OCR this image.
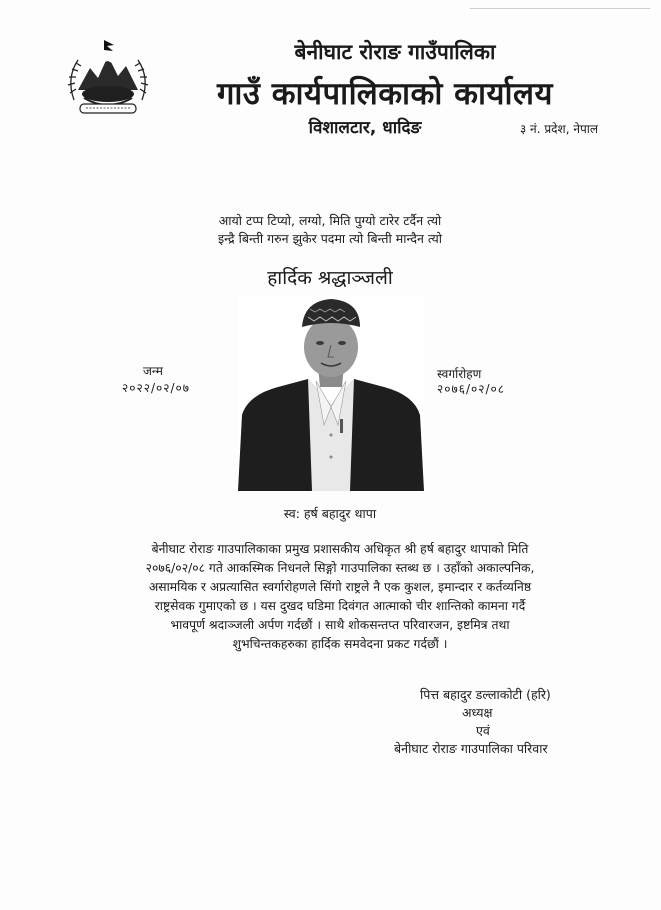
बेनीघाट रोराङ गाउँपालिका
गाउँ कार्यपालिकाको कार्यालय
विशालटार, धादिङ	३ नं. प्रदेश, नेपाल
आयो टप्प टिप्यो, लग्यो, मिति पुग्यो टारेर टर्दैन त्यो
इन्द्रै बिन्ती गरुन झुकेर पदमा त्यो बिन्ती मान्दैन त्यो
हार्दिक श्रद्धाञ्जली
जन्म
२०२२/०२/०७
स्वर्गारोहण
२०७६/०२/०८
स्व: हर्ष बहादुर थापा
बेनीघाट रोराङ गाउपालिकाका प्रमुख प्रशासकीय अधिकृत श्री हर्ष बहादुर थापाको मिति
२०७६/०२/०८ गते आकस्मिक निधनले सिङ्गो गाउपालिका स्तब्ध छ । उहाँको अकाल्पनिक,
असामयिक र अप्रत्यासित स्वर्गारोहणले सिंगो राष्ट्रले नै एक कुशल, इमान्दार र कर्तव्यनिष्ठ
राष्ट्रसेवक गुमाएको छ । यस दुखद घडिमा दिवंगत आत्माको चीर शान्तिको कामना गर्दै
भावपूर्ण श्रदाञ्जली अर्पण गर्दछौं । साथै शोकसन्तप्त परिवारजन, इष्टमित्र तथा
शुभचिन्तकहरुका हार्दिक समवेदना प्रकट गर्दछौं ।
पित्त बहादुर डल्लाकोटी (हरि)
अध्यक्ष
एवं
बेनीघाट रोराङ गाउपालिका परिवार
